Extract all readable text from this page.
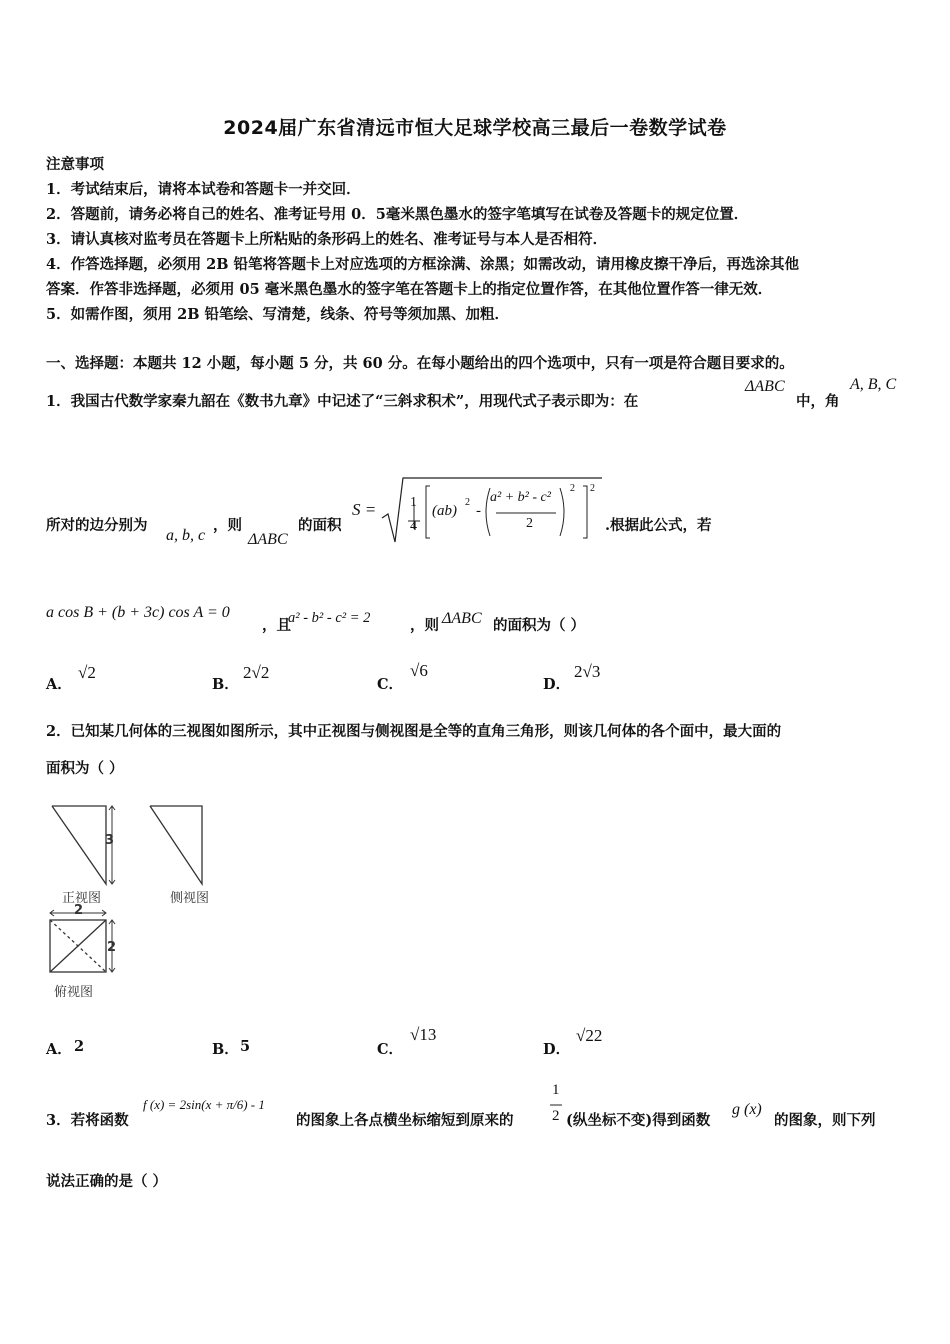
2024届广东省清远市恒大足球学校高三最后一卷数学试卷
注意事项
1．考试结束后，请将本试卷和答题卡一并交回．
2．答题前，请务必将自己的姓名、准考证号用 0．5毫米黑色墨水的签字笔填写在试卷及答题卡的规定位置．
3．请认真核对监考员在答题卡上所粘贴的条形码上的姓名、准考证号与本人是否相符．
4．作答选择题，必须用 2B 铅笔将答题卡上对应选项的方框涂满、涂黑；如需改动，请用橡皮擦干净后，再选涂其他
答案．作答非选择题，必须用 05 毫米黑色墨水的签字笔在答题卡上的指定位置作答，在其他位置作答一律无效．
5．如需作图，须用 2B 铅笔绘、写清楚，线条、符号等须加黑、加粗．
一、选择题：本题共 12 小题，每小题 5 分，共 60 分。在每小题给出的四个选项中，只有一项是符合题目要求的。
1．我国古代数学家秦九韶在《数书九章》中记述了“三斜求积术”，用现代式子表示即为：在
ΔABC
中，角
A, B, C
所对的边分别为
a, b, c
，则
ΔABC
的面积
S = 1
4
(ab)
2
-
a² + b² - c²
2
2 2
.根据此公式，若
a cos B + (b + 3c) cos A = 0
，且
a² - b² - c² = 2	，则 ΔABC 的面积为（ ）
A．
√2
B．
2√2
C．
√6
D．
2√3
2．已知某几何体的三视图如图所示，其中正视图与侧视图是全等的直角三角形，则该几何体的各个面中，最大面的
面积为（ ）
3
2
2
正视图	侧视图
俯视图
A． 2	B． 5	C．
√13
D．
√22
3．若将函数
f (x) = 2sin(x + π/6) - 1
的图象上各点横坐标缩短到原来的
1
2 (纵坐标不变)得到函数
g (x)
的图象，则下列
说法正确的是（ ）
